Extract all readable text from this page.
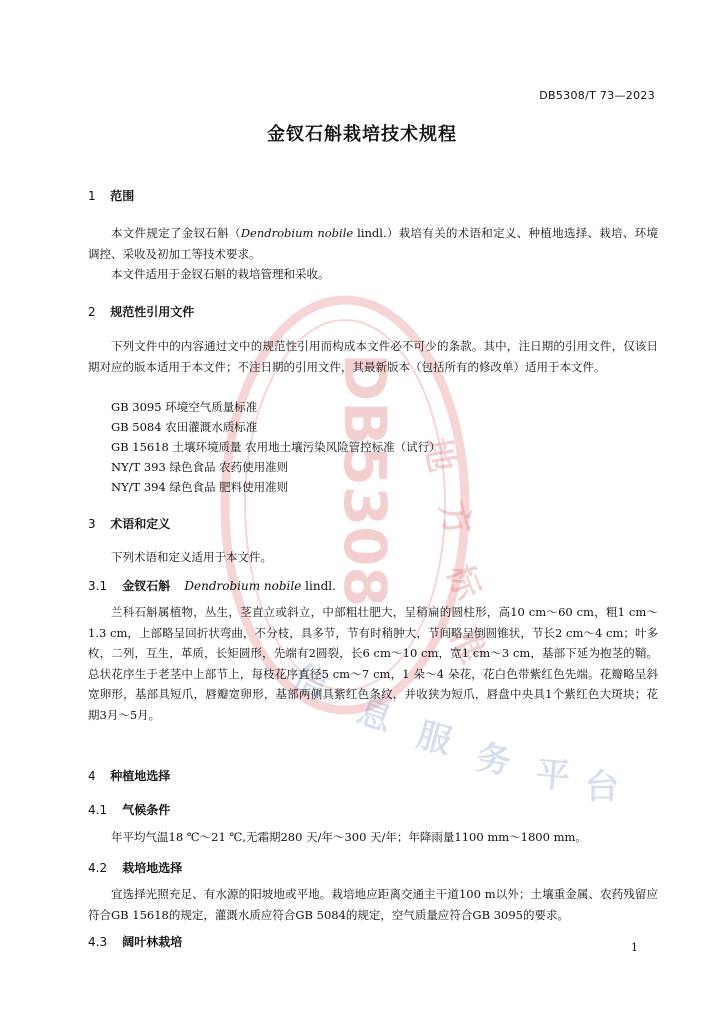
DB5308 地
方
标
准
信
息 服 务 平 台
DB5308/T 73—2023
金钗石斛栽培技术规程
1 范围
本文件规定了金钗石斛（Dendrobium nobile lindl.）栽培有关的术语和定义、种植地选择、栽培、环境调控、采收及初加工等技术要求。
本文件适用于金钗石斛的栽培管理和采收。
2 规范性引用文件
下列文件中的内容通过文中的规范性引用而构成本文件必不可少的条款。其中，注日期的引用文件，仅该日期对应的版本适用于本文件；不注日期的引用文件，其最新版本（包括所有的修改单）适用于本文件。
GB 3095 环境空气质量标准
GB 5084 农田灌溉水质标准
GB 15618 土壤环境质量 农用地土壤污染风险管控标准（试行）
NY/T 393 绿色食品 农药使用准则
NY/T 394 绿色食品 肥料使用准则
3 术语和定义
下列术语和定义适用于本文件。
3.1 金钗石斛 Dendrobium nobile lindl.
兰科石斛属植物，丛生，茎直立或斜立，中部粗壮肥大，呈稍扁的圆柱形，高10 cm～60 cm，粗1 cm～1.3 cm，上部略呈回折状弯曲，不分枝，具多节，节有时稍肿大，节间略呈倒圆锥状，节长2 cm～4 cm；叶多枚，二列，互生，革质，长矩圆形，先端有2圆裂，长6 cm～10 cm，宽1 cm～3 cm，基部下延为抱茎的鞘。总状花序生于老茎中上部节上，每枝花序直径5 cm～7 cm，1 朵～4 朵花，花白色带紫红色先端。花瓣略呈斜宽卵形，基部具短爪，唇瓣宽卵形，基部两侧具紫红色条纹，并收狭为短爪，唇盘中央具1个紫红色大斑块；花期3月～5月。
4 种植地选择
4.1 气候条件
年平均气温18 ℃～21 ℃,无霜期280 天/年～300 天/年；年降雨量1100 mm～1800 mm。
4.2 栽培地选择
宜选择光照充足、有水源的阳坡地或平地。栽培地应距离交通主干道100 m以外；土壤重金属、农药残留应符合GB 15618的规定，灌溉水质应符合GB 5084的规定，空气质量应符合GB 3095的要求。
4.3 阔叶林栽培	1
